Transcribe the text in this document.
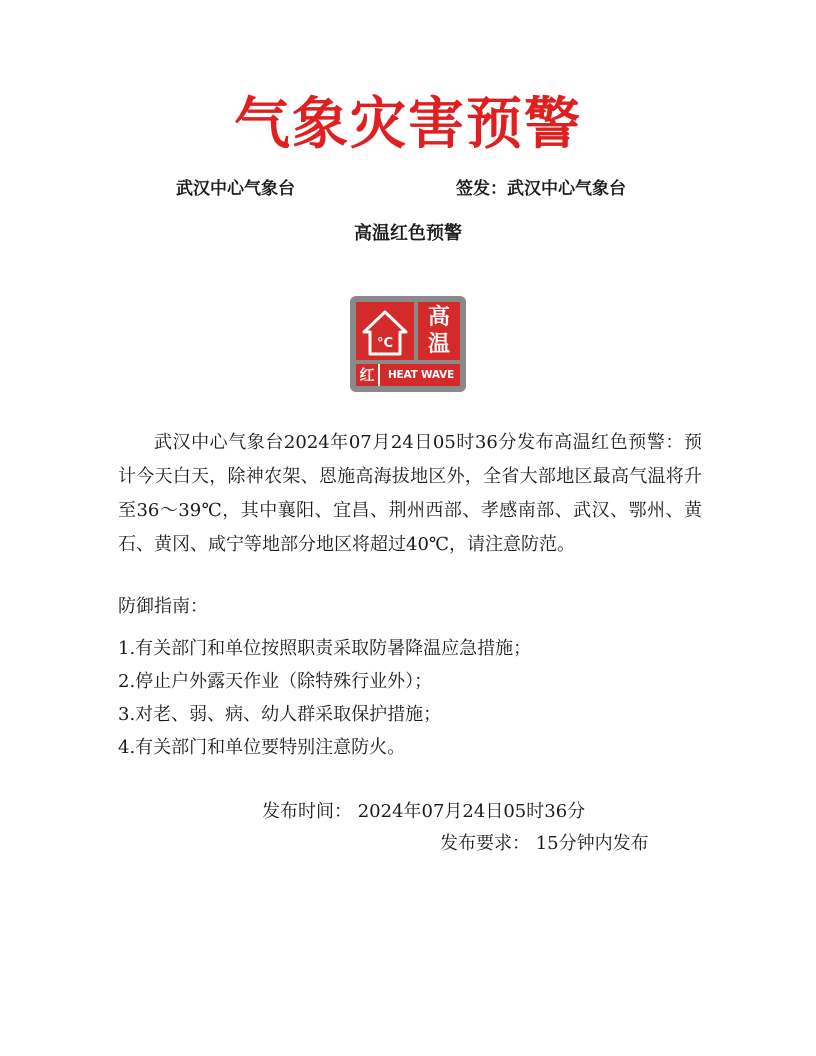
气象灾害预警
武汉中心气象台	签发：武汉中心气象台
高温红色预警
°C
高
温
红	HEAT WAVE

武汉中心气象台2024年07月24日05时36分发布高温红色预警：预计今天白天，除神农架、恩施高海拔地区外，全省大部地区最高气温将升至36～39℃，其中襄阳、宜昌、荆州西部、孝感南部、武汉、鄂州、黄石、黄冈、咸宁等地部分地区将超过40℃，请注意防范。

防御指南：
1.有关部门和单位按照职责采取防暑降温应急措施；
2.停止户外露天作业（除特殊行业外）；
3.对老、弱、病、幼人群采取保护措施；
4.有关部门和单位要特别注意防火。
发布时间： 2024年07月24日05时36分
发布要求： 15分钟内发布
